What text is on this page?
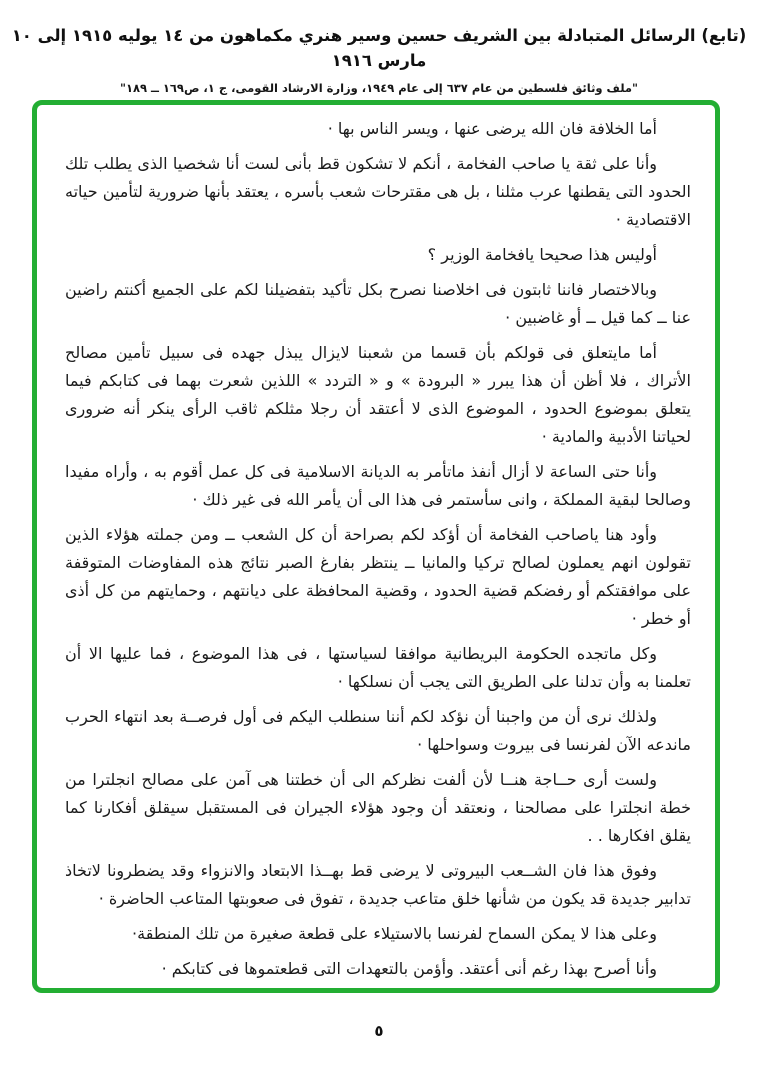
(تابع) الرسائل المتبادلة بين الشريف حسين وسير هنري مكماهون من ١٤ يوليه ١٩١٥ إلى ١٠ مارس ١٩١٦
"ملف وثائق فلسطين من عام ٦٣٧ إلى عام ١٩٤٩، وزارة الارشاد القومى، ج ١، ص١٦٩ ــ ١٨٩"

أما الخلافة فان الله يرضى عنها ، ويسر الناس بها ·

وأنا على ثقة يا صاحب الفخامة ، أنكم لا تشكون قط بأنى لست أنا شخصيا الذى يطلب تلك الحدود التى يقطنها عرب مثلنا ، بل هى مقترحات شعب بأسره ، يعتقد بأنها ضرورية لتأمين حياته الاقتصادية ·

أوليس هذا صحيحا يافخامة الوزير ؟

وبالاختصار فاننا ثابتون فى اخلاصنا نصرح بكل تأكيد بتفضيلنا لكم على الجميع أكنتم راضين عنا ــ كما قيل ــ أو غاضبين ·

أما مايتعلق فى قولكم بأن قسما من شعبنا لايزال يبذل جهده فى سبيل تأمين مصالح الأتراك ، فلا أظن أن هذا يبرر « البرودة » و « التردد » اللذين شعرت بهما فى كتابكم فيما يتعلق بموضوع الحدود ، الموضوع الذى لا أعتقد أن رجلا مثلكم ثاقب الرأى ينكر أنه ضرورى لحياتنا الأدبية والمادية ·

وأنا حتى الساعة لا أزال أنفذ ماتأمر به الديانة الاسلامية فى كل عمل أقوم به ، وأراه مفيدا وصالحا لبقية المملكة ، وانى سأستمر فى هذا الى أن يأمر الله فى غير ذلك ·

وأود هنا ياصاحب الفخامة أن أؤكد لكم بصراحة أن كل الشعب ــ ومن جملته هؤلاء الذين تقولون انهم يعملون لصالح تركيا والمانيا ــ ينتظر بفارغ الصبر نتائج هذه المفاوضات المتوقفة على موافقتكم أو رفضكم قضية الحدود ، وقضية المحافظة على ديانتهم ، وحمايتهم من كل أذى أو خطر ·

وكل ماتجده الحكومة البريطانية موافقا لسياستها ، فى هذا الموضوع ، فما عليها الا أن تعلمنا به وأن تدلنا على الطريق التى يجب أن نسلكها ·

ولذلك نرى أن من واجبنا أن نؤكد لكم أننا سنطلب اليكم فى أول فرصــة بعد انتهاء الحرب ماندعه الآن لفرنسا فى بيروت وسواحلها ·

ولست أرى حــاجة هنــا لأن ألفت نظركم الى أن خطتنا هى آمن على مصالح انجلترا من خطة انجلترا على مصالحنا ، ونعتقد أن وجود هؤلاء الجيران فى المستقبل سيقلق أفكارنا كما يقلق افكارها . .

وفوق هذا فان الشــعب البيروتى لا يرضى قط بهــذا الابتعاد والانزواء وقد يضطرونا لاتخاذ تدابير جديدة قد يكون من شأنها خلق متاعب جديدة ، تفوق فى صعوبتها المتاعب الحاضرة ·

وعلى هذا لا يمكن السماح لفرنسا بالاستيلاء على قطعة صغيرة من تلك المنطقة·

وأنا أصرح بهذا رغم أنى أعتقد. وأؤمن بالتعهدات التى قطعتموها فى كتابكم ·

٥
